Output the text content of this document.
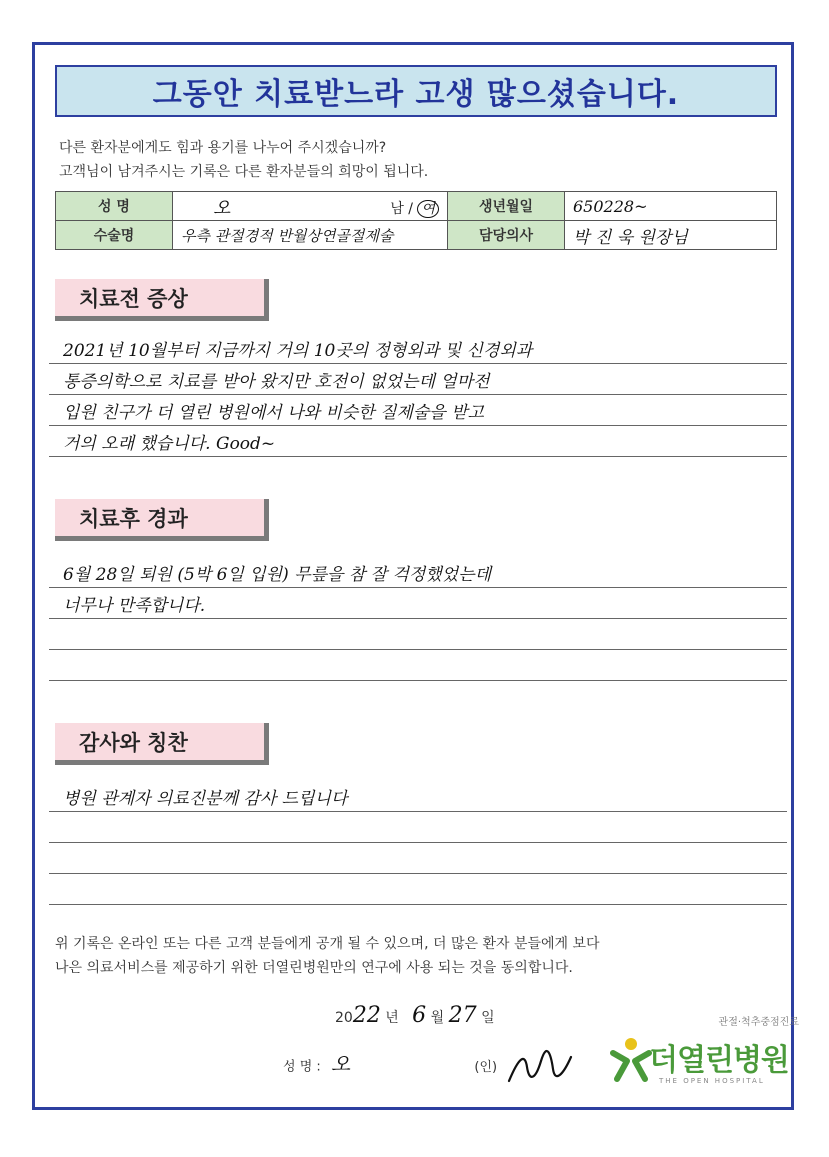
그동안 치료받느라 고생 많으셨습니다.
다른 환자분에게도 힘과 용기를 나누어 주시겠습니까?
고객님이 남겨주시는 기록은 다른 환자분들의 희망이 됩니다.
성 명	오 남 / 여	생년월일	650228~
수술명	우측 관절경적 반월상연골절제술	담당의사	박 진 욱 원장님
치료전 증상
2021년 10월부터 지금까지 거의 10곳의 정형외과 및 신경외과
통증의학으로 치료를 받아 왔지만 호전이 없었는데 얼마전
입원 친구가 더 열린 병원에서 나와 비슷한 질제술을 받고
거의 오래 했습니다. Good~
치료후 경과
6월 28일 퇴원 (5박 6일 입원) 무릎을 참 잘 걱정했었는데
너무나 만족합니다.
감사와 칭찬
병원 관계자 의료진분께 감사 드립니다
위 기록은 온라인 또는 다른 고객 분들에게 공개 될 수 있으며, 더 많은 환자 분들에게 보다
나은 의료서비스를 제공하기 위한 더열린병원만의 연구에 사용 되는 것을 동의합니다.
2022 년 6 월 27 일
성 명 : 오	(인)
관절·척추중점진료
더열린병원
THE OPEN HOSPITAL
